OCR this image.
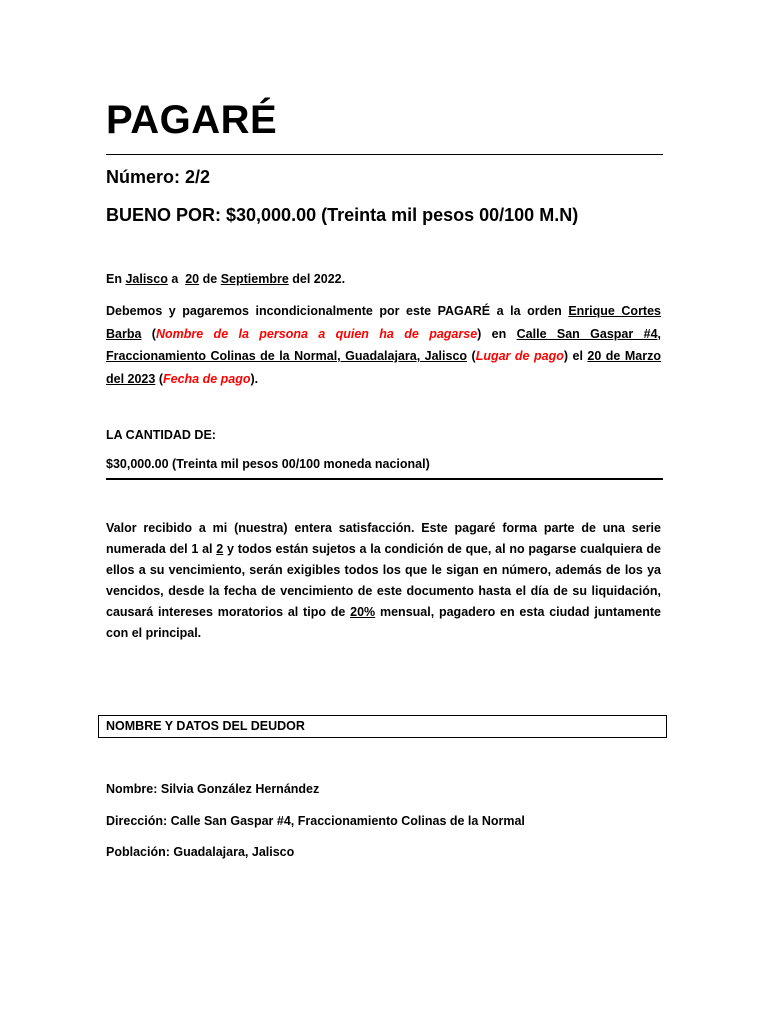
PAGARÉ
Número: 2/2
BUENO POR: $30,000.00 (Treinta mil pesos 00/100 M.N)
En Jalisco a  20 de Septiembre del 2022.
Debemos y pagaremos incondicionalmente por este PAGARÉ a la orden Enrique Cortes Barba (Nombre de la persona a quien ha de pagarse) en Calle San Gaspar #4, Fraccionamiento Colinas de la Normal, Guadalajara, Jalisco (Lugar de pago) el 20 de Marzo del 2023 (Fecha de pago).
LA CANTIDAD DE:
$30,000.00 (Treinta mil pesos 00/100 moneda nacional)
Valor recibido a mi (nuestra) entera satisfacción. Este pagaré forma parte de una serie numerada del 1 al 2 y todos están sujetos a la condición de que, al no pagarse cualquiera de ellos a su vencimiento, serán exigibles todos los que le sigan en número, además de los ya vencidos, desde la fecha de vencimiento de este documento hasta el día de su liquidación, causará intereses moratorios al tipo de 20% mensual, pagadero en esta ciudad juntamente con el principal.
NOMBRE Y DATOS DEL DEUDOR
Nombre: Silvia González Hernández
Dirección: Calle San Gaspar #4, Fraccionamiento Colinas de la Normal
Población: Guadalajara, Jalisco
